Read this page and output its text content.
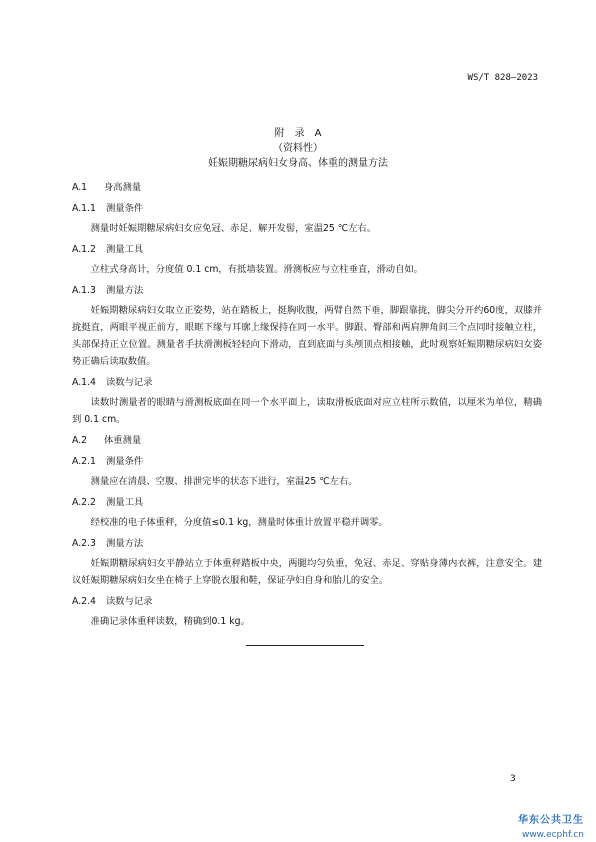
WS/T 828—2023
附　录　A
（资料性）
妊娠期糖尿病妇女身高、体重的测量方法
A.1	身高测量
A.1.1	测量条件
测量时妊娠期糖尿病妇女应免冠、赤足、解开发髻，室温25 ℃左右。
A.1.2	测量工具
立柱式身高计，分度值 0.1 cm，有抵墙装置。滑测板应与立柱垂直，滑动自如。
A.1.3	测量方法
妊娠期糖尿病妇女取立正姿势，站在踏板上，挺胸收腹，两臂自然下垂，脚跟靠拢，脚尖分开约60度，双膝并拢挺直，两眼平视正前方，眼眶下缘与耳廓上缘保持在同一水平。脚跟、臀部和两肩胛角间三个点同时接触立柱，头部保持正立位置。测量者手扶滑测板轻轻向下滑动，直到底面与头颅顶点相接触，此时观察妊娠期糖尿病妇女姿势正确后读取数值。
A.1.4	读数与记录
读数时测量者的眼睛与滑测板底面在同一个水平面上，读取滑板底面对应立柱所示数值，以厘米为单位，精确到 0.1 cm。
A.2	体重测量
A.2.1	测量条件
测量应在清晨、空腹、排泄完毕的状态下进行，室温25 ℃左右。
A.2.2	测量工具
经校准的电子体重秤，分度值≤0.1 kg，测量时体重计放置平稳并调零。
A.2.3	测量方法
妊娠期糖尿病妇女平静站立于体重秤踏板中央，两腿均匀负重，免冠、赤足、穿贴身薄内衣裤，注意安全。建议妊娠期糖尿病妇女坐在椅子上穿脱衣服和鞋，保证孕妇自身和胎儿的安全。
A.2.4	读数与记录
准确记录体重秤读数，精确到0.1 kg。
3
华东公共卫生
www.ecphf.cn
